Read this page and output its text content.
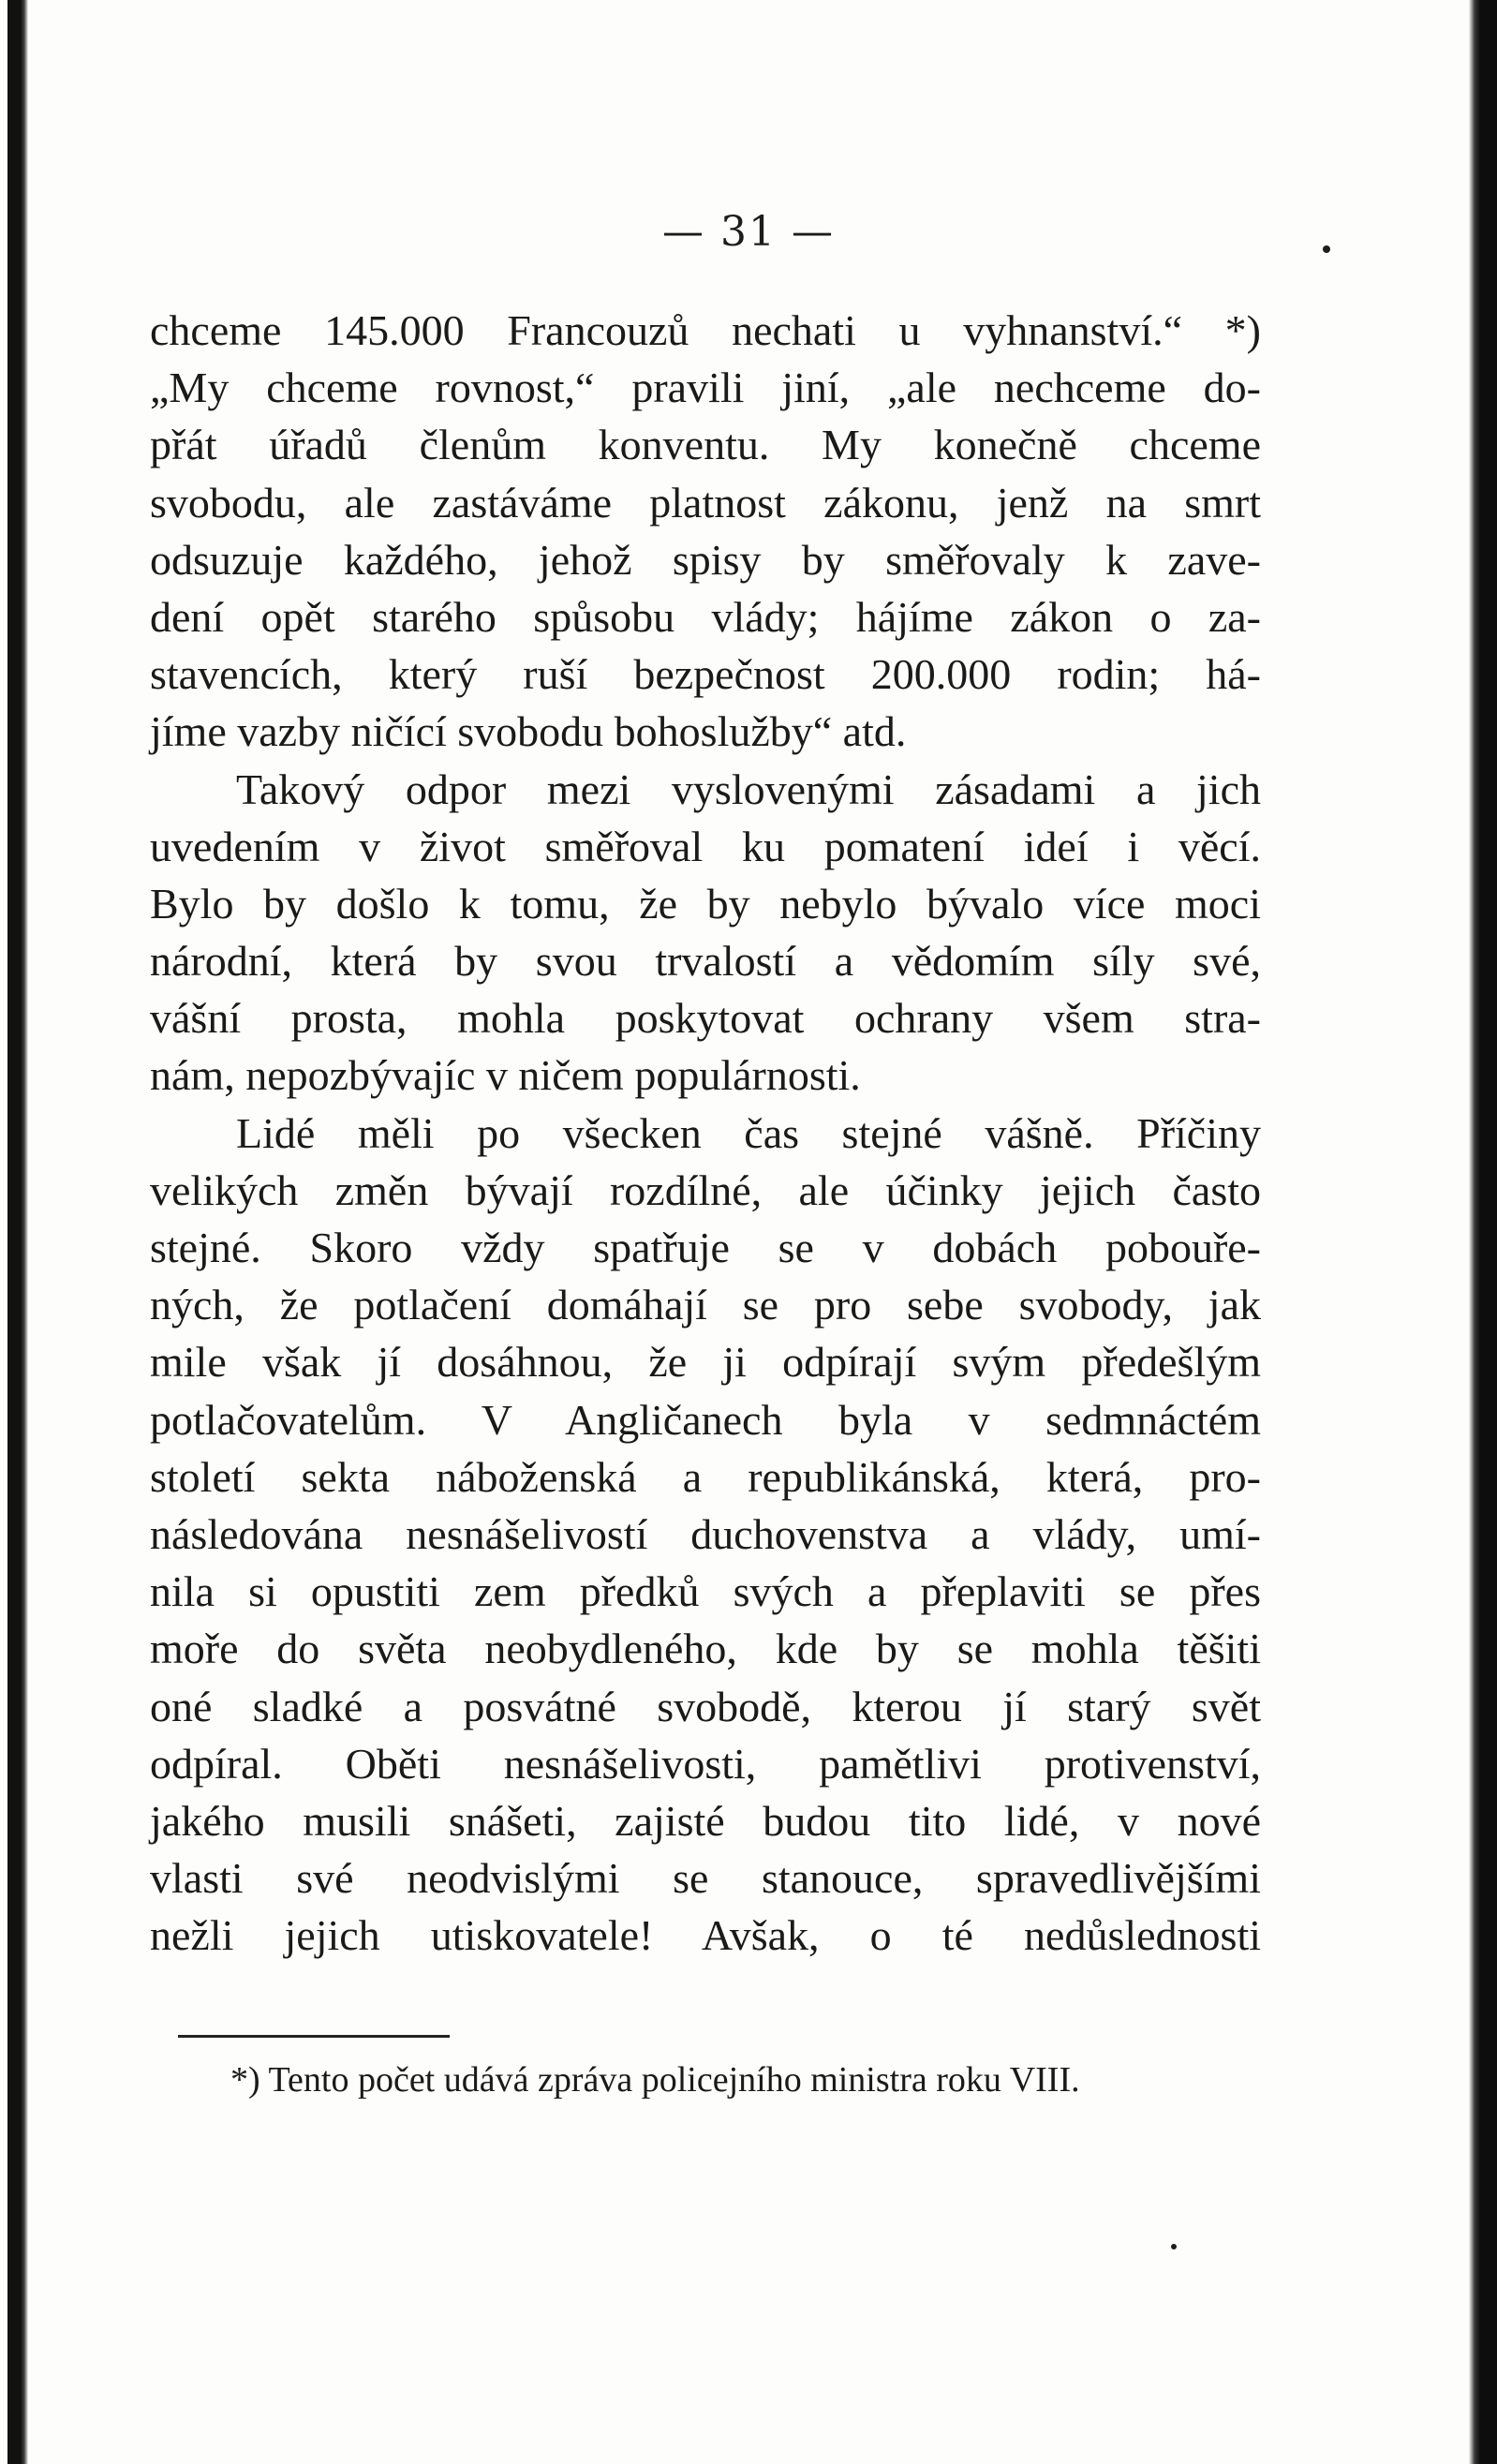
— 31 —
chceme 145.000 Francouzů nechati u vyhnanství.“ *)
„My chceme rovnost,“ pravili jiní, „ale nechceme do-
přát úřadů členům konventu. My konečně chceme
svobodu, ale zastáváme platnost zákonu, jenž na smrt
odsuzuje každého, jehož spisy by směřovaly k zave-
dení opět starého spůsobu vlády; hájíme zákon o za-
stavencích, který ruší bezpečnost 200.000 rodin; há-
jíme vazby ničící svobodu bohoslužby“ atd.
Takový odpor mezi vyslovenými zásadami a jich
uvedením v život směřoval ku pomatení ideí i věcí.
Bylo by došlo k tomu, že by nebylo bývalo více moci
národní, která by svou trvalostí a vědomím síly své,
vášní prosta, mohla poskytovat ochrany všem stra-
nám, nepozbývajíc v ničem populárnosti.
Lidé měli po všecken čas stejné vášně. Příčiny
velikých změn bývají rozdílné, ale účinky jejich často
stejné. Skoro vždy spatřuje se v dobách pobouře-
ných, že potlačení domáhají se pro sebe svobody, jak
mile však jí dosáhnou, že ji odpírají svým předešlým
potlačovatelům. V Angličanech byla v sedmnáctém
století sekta náboženská a republikánská, která, pro-
následována nesnášelivostí duchovenstva a vlády, umí-
nila si opustiti zem předků svých a přeplaviti se přes
moře do světa neobydleného, kde by se mohla těšiti
oné sladké a posvátné svobodě, kterou jí starý svět
odpíral. Oběti nesnášelivosti, pamětlivi protivenství,
jakého musili snášeti, zajisté budou tito lidé, v nové
vlasti své neodvislými se stanouce, spravedlivějšími
nežli jejich utiskovatele! Avšak, o té nedůslednosti
*) Tento počet udává zpráva policejního ministra roku VIII.
